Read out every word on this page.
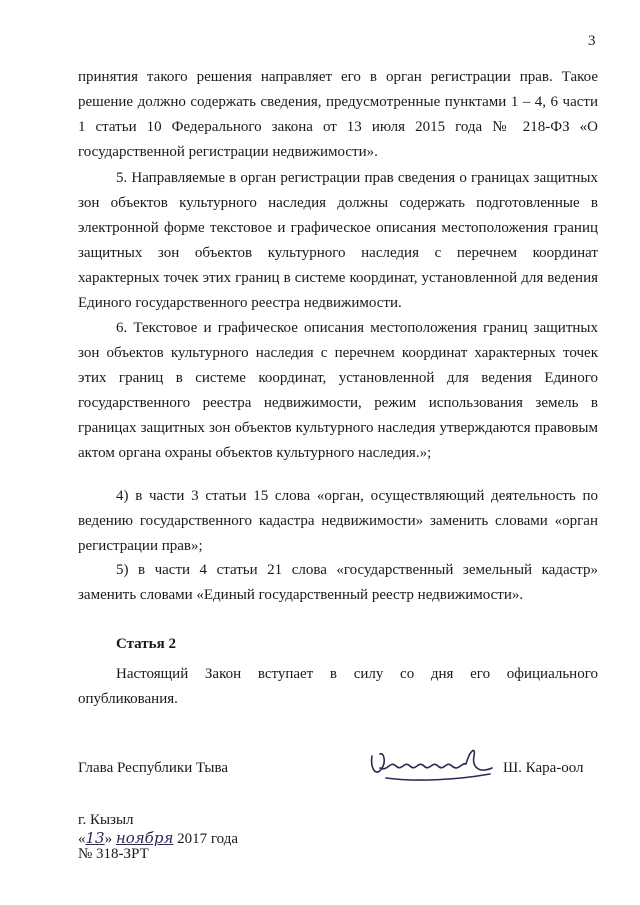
3

принятия такого решения направляет его в орган регистрации прав. Такое решение должно содержать сведения, предусмотренные пунктами 1 – 4, 6 части 1 статьи 10 Федерального закона от 13 июля 2015 года № 218-ФЗ «О государственной регистрации недвижимости».

5. Направляемые в орган регистрации прав сведения о границах защитных зон объектов культурного наследия должны содержать подготовленные в электронной форме текстовое и графическое описания местоположения границ защитных зон объектов культурного наследия с перечнем координат характерных точек этих границ в системе координат, установленной для ведения Единого государственного реестра недвижимости.

6. Текстовое и графическое описания местоположения границ защитных зон объектов культурного наследия с перечнем координат характерных точек этих границ в системе координат, установленной для ведения Единого государственного реестра недвижимости, режим использования земель в границах защитных зон объектов культурного наследия утверждаются правовым актом органа охраны объектов культурного наследия.»;

4) в части 3 статьи 15 слова «орган, осуществляющий деятельность по ведению государственного кадастра недвижимости» заменить словами «орган регистрации прав»;

5) в части 4 статьи 21 слова «государственный земельный кадастр» заменить словами «Единый государственный реестр недвижимости».

Статья 2

Настоящий Закон вступает в силу со дня его официального опубликования.

Глава Республики Тыва	Ш. Кара-оол
г. Кызыл
«13» ноября 2017 года
№ 318-ЗРТ
